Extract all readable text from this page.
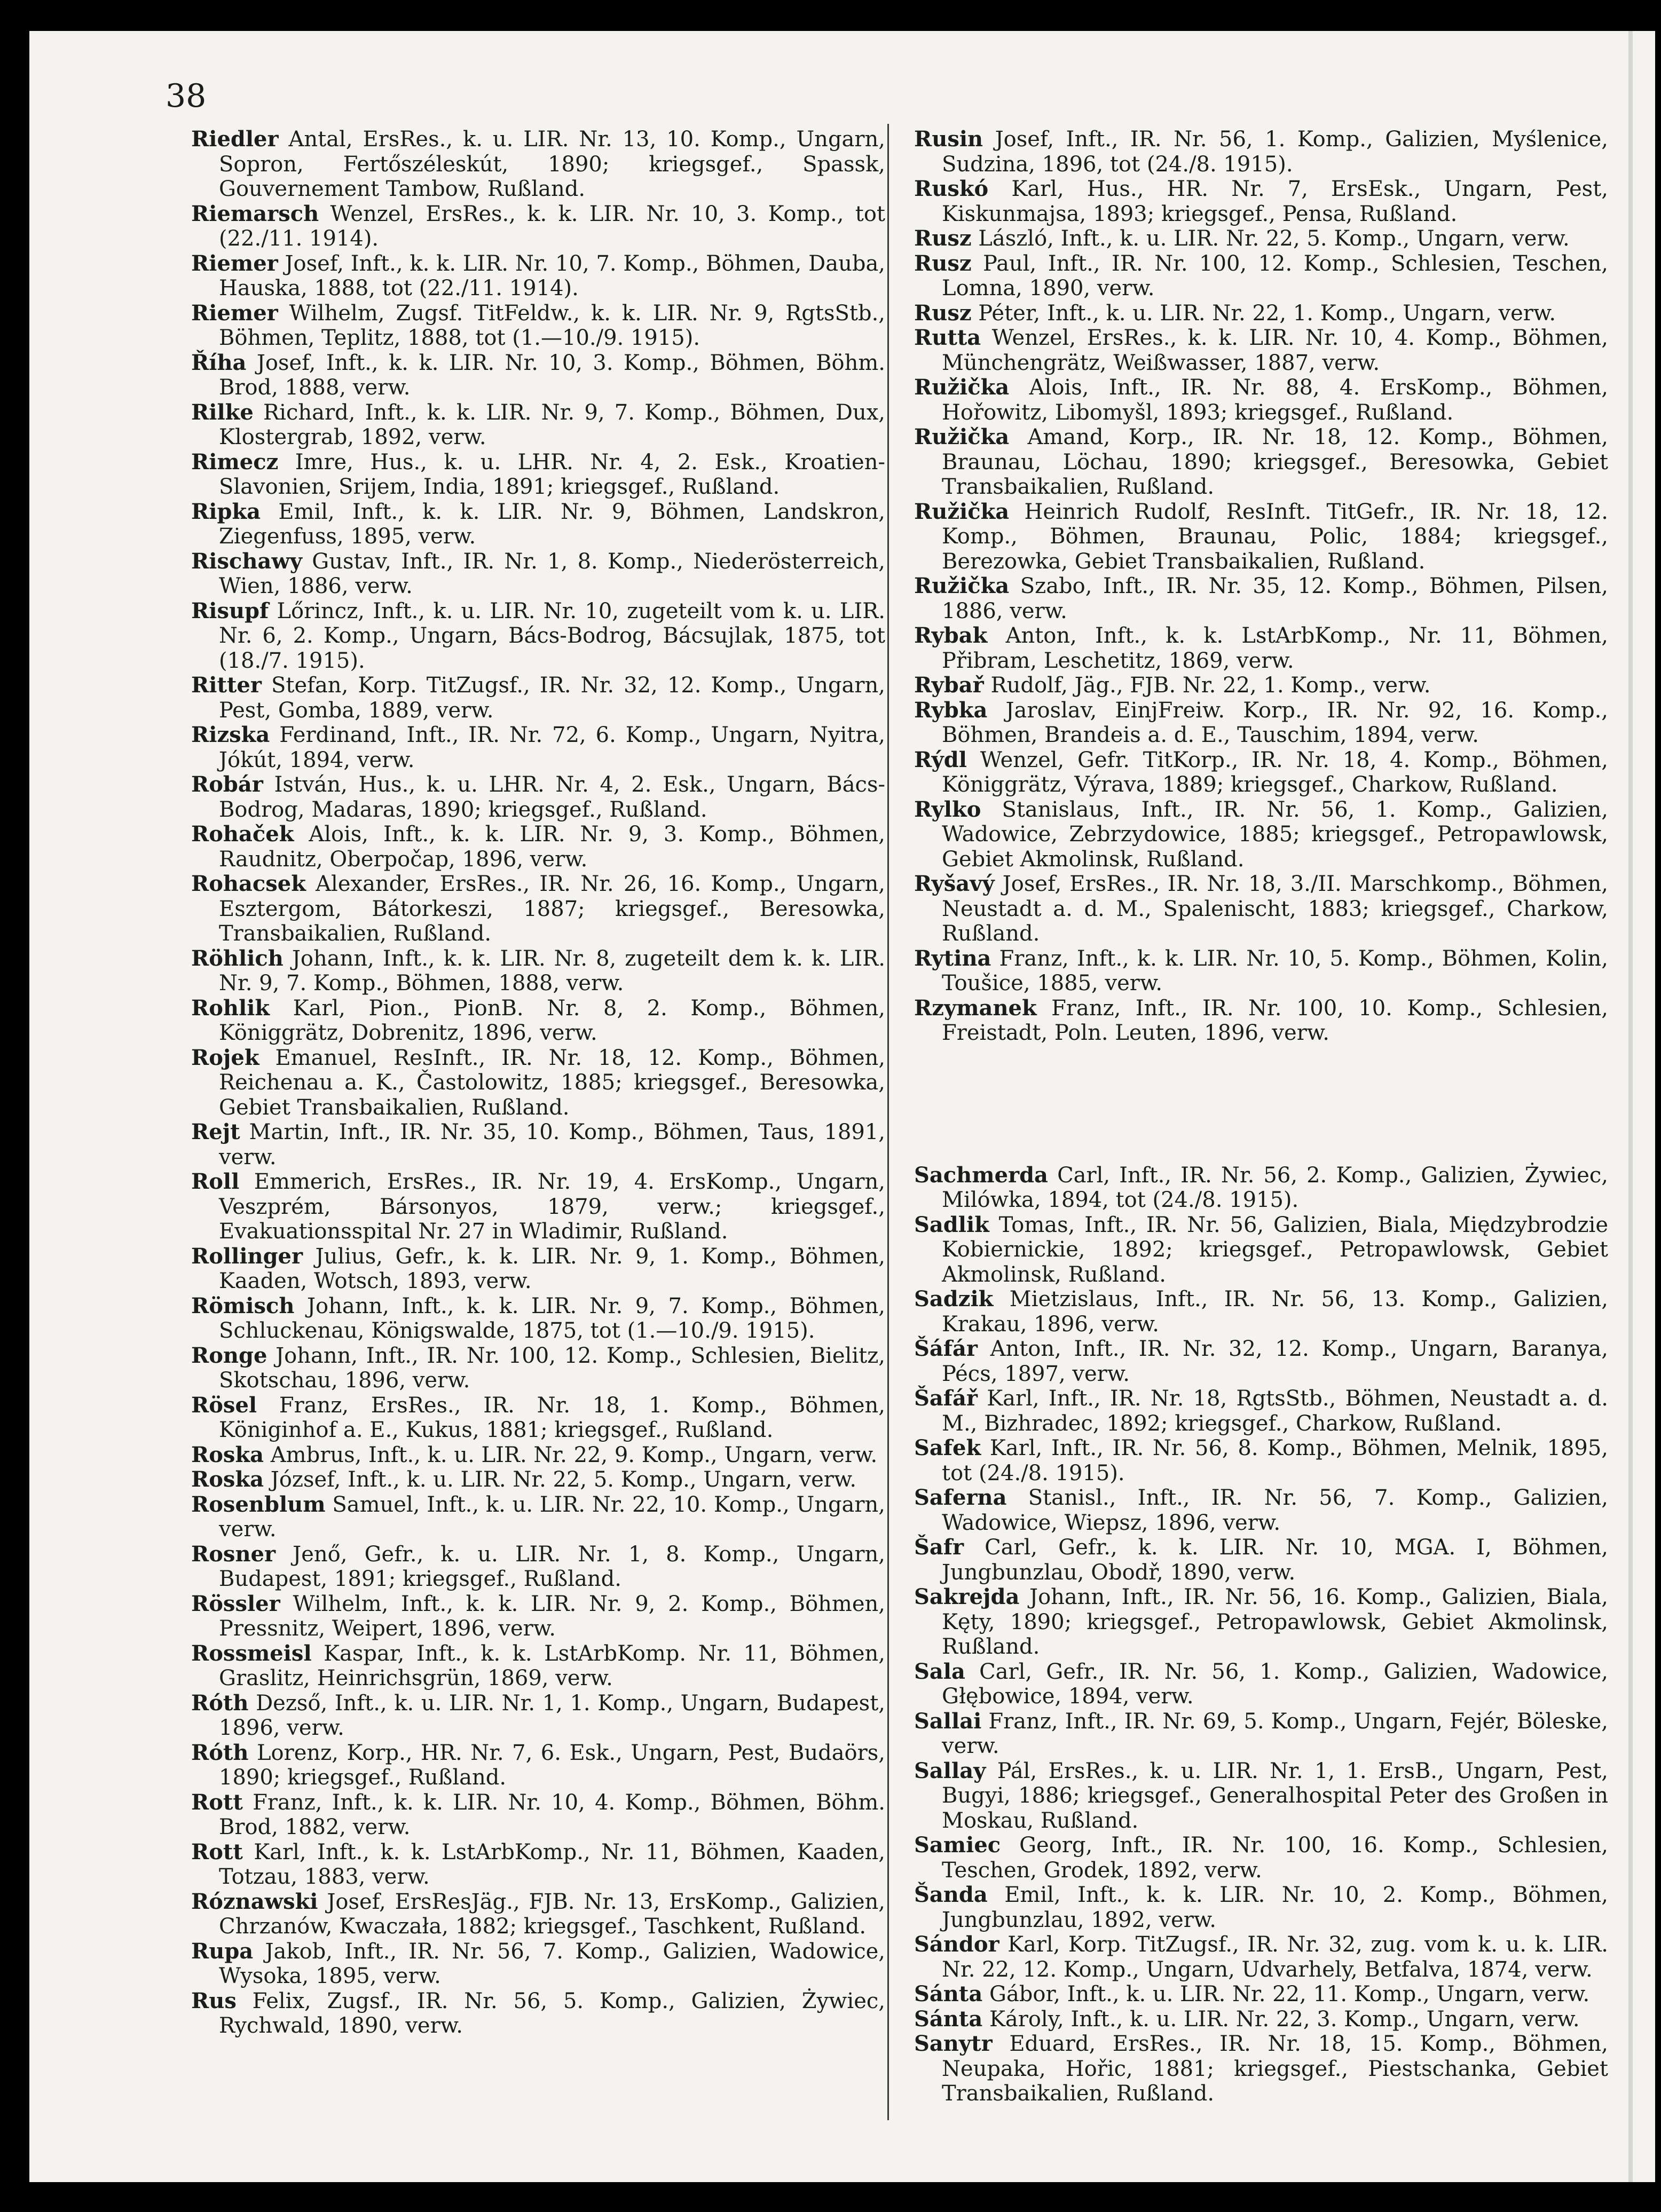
38

Riedler Antal, ErsRes., k. u. LIR. Nr. 13, 10. Komp., Ungarn, Sopron, Fertőszéleskút, 1890; kriegsgef., Spassk, Gouvernement Tambow, Rußland.

Riemarsch Wenzel, ErsRes., k. k. LIR. Nr. 10, 3. Komp., tot (22./11. 1914).

Riemer Josef, Inft., k. k. LIR. Nr. 10, 7. Komp., Böhmen, Dauba, Hauska, 1888, tot (22./11. 1914).

Riemer Wilhelm, Zugsf. TitFeldw., k. k. LIR. Nr. 9, RgtsStb., Böhmen, Teplitz, 1888, tot (1.—10./9. 1915).

Říha Josef, Inft., k. k. LIR. Nr. 10, 3. Komp., Böhmen, Böhm. Brod, 1888, verw.

Rilke Richard, Inft., k. k. LIR. Nr. 9, 7. Komp., Böhmen, Dux, Klostergrab, 1892, verw.

Rimecz Imre, Hus., k. u. LHR. Nr. 4, 2. Esk., Kroatien-Slavonien, Srijem, India, 1891; kriegsgef., Rußland.

Ripka Emil, Inft., k. k. LIR. Nr. 9, Böhmen, Landskron, Ziegenfuss, 1895, verw.

Rischawy Gustav, Inft., IR. Nr. 1, 8. Komp., Niederösterreich, Wien, 1886, verw.

Risupf Lőrincz, Inft., k. u. LIR. Nr. 10, zugeteilt vom k. u. LIR. Nr. 6, 2. Komp., Ungarn, Bács-Bodrog, Bácsujlak, 1875, tot (18./7. 1915).

Ritter Stefan, Korp. TitZugsf., IR. Nr. 32, 12. Komp., Ungarn, Pest, Gomba, 1889, verw.

Rizska Ferdinand, Inft., IR. Nr. 72, 6. Komp., Ungarn, Nyitra, Jókút, 1894, verw.

Robár István, Hus., k. u. LHR. Nr. 4, 2. Esk., Ungarn, Bács-Bodrog, Madaras, 1890; kriegsgef., Rußland.

Rohaček Alois, Inft., k. k. LIR. Nr. 9, 3. Komp., Böhmen, Raudnitz, Oberpočap, 1896, verw.

Rohacsek Alexander, ErsRes., IR. Nr. 26, 16. Komp., Ungarn, Esztergom, Bátorkeszi, 1887; kriegsgef., Beresowka, Transbaikalien, Rußland.

Röhlich Johann, Inft., k. k. LIR. Nr. 8, zugeteilt dem k. k. LIR. Nr. 9, 7. Komp., Böhmen, 1888, verw.

Rohlik Karl, Pion., PionB. Nr. 8, 2. Komp., Böhmen, Königgrätz, Dobrenitz, 1896, verw.

Rojek Emanuel, ResInft., IR. Nr. 18, 12. Komp., Böhmen, Reichenau a. K., Častolowitz, 1885; kriegsgef., Beresowka, Gebiet Transbaikalien, Rußland.

Rejt Martin, Inft., IR. Nr. 35, 10. Komp., Böhmen, Taus, 1891, verw.

Roll Emmerich, ErsRes., IR. Nr. 19, 4. ErsKomp., Ungarn, Veszprém, Bársonyos, 1879, verw.; kriegsgef., Evakuationsspital Nr. 27 in Wladimir, Rußland.

Rollinger Julius, Gefr., k. k. LIR. Nr. 9, 1. Komp., Böhmen, Kaaden, Wotsch, 1893, verw.

Römisch Johann, Inft., k. k. LIR. Nr. 9, 7. Komp., Böhmen, Schluckenau, Königswalde, 1875, tot (1.—10./9. 1915).

Ronge Johann, Inft., IR. Nr. 100, 12. Komp., Schlesien, Bielitz, Skotschau, 1896, verw.

Rösel Franz, ErsRes., IR. Nr. 18, 1. Komp., Böhmen, Königinhof a. E., Kukus, 1881; kriegsgef., Rußland.

Roska Ambrus, Inft., k. u. LIR. Nr. 22, 9. Komp., Ungarn, verw.

Roska József, Inft., k. u. LIR. Nr. 22, 5. Komp., Ungarn, verw.

Rosenblum Samuel, Inft., k. u. LIR. Nr. 22, 10. Komp., Ungarn, verw.

Rosner Jenő, Gefr., k. u. LIR. Nr. 1, 8. Komp., Ungarn, Budapest, 1891; kriegsgef., Rußland.

Rössler Wilhelm, Inft., k. k. LIR. Nr. 9, 2. Komp., Böhmen, Pressnitz, Weipert, 1896, verw.

Rossmeisl Kaspar, Inft., k. k. LstArbKomp. Nr. 11, Böhmen, Graslitz, Heinrichsgrün, 1869, verw.

Róth Dezső, Inft., k. u. LIR. Nr. 1, 1. Komp., Ungarn, Budapest, 1896, verw.

Róth Lorenz, Korp., HR. Nr. 7, 6. Esk., Ungarn, Pest, Budaörs, 1890; kriegsgef., Rußland.

Rott Franz, Inft., k. k. LIR. Nr. 10, 4. Komp., Böhmen, Böhm. Brod, 1882, verw.

Rott Karl, Inft., k. k. LstArbKomp., Nr. 11, Böhmen, Kaaden, Totzau, 1883, verw.

Róznawski Josef, ErsResJäg., FJB. Nr. 13, ErsKomp., Galizien, Chrzanów, Kwaczała, 1882; kriegsgef., Taschkent, Rußland.

Rupa Jakob, Inft., IR. Nr. 56, 7. Komp., Galizien, Wadowice, Wysoka, 1895, verw.

Rus Felix, Zugsf., IR. Nr. 56, 5. Komp., Galizien, Żywiec, Rychwald, 1890, verw.

Rusin Josef, Inft., IR. Nr. 56, 1. Komp., Galizien, Myślenice, Sudzina, 1896, tot (24./8. 1915).

Ruskó Karl, Hus., HR. Nr. 7, ErsEsk., Ungarn, Pest, Kiskunmajsa, 1893; kriegsgef., Pensa, Rußland.

Rusz László, Inft., k. u. LIR. Nr. 22, 5. Komp., Ungarn, verw.

Rusz Paul, Inft., IR. Nr. 100, 12. Komp., Schlesien, Teschen, Lomna, 1890, verw.

Rusz Péter, Inft., k. u. LIR. Nr. 22, 1. Komp., Ungarn, verw.

Rutta Wenzel, ErsRes., k. k. LIR. Nr. 10, 4. Komp., Böhmen, Münchengrätz, Weißwasser, 1887, verw.

Ružička Alois, Inft., IR. Nr. 88, 4. ErsKomp., Böhmen, Hořowitz, Libomyšl, 1893; kriegsgef., Rußland.

Ružička Amand, Korp., IR. Nr. 18, 12. Komp., Böhmen, Braunau, Löchau, 1890; kriegsgef., Beresowka, Gebiet Transbaikalien, Rußland.

Ružička Heinrich Rudolf, ResInft. TitGefr., IR. Nr. 18, 12. Komp., Böhmen, Braunau, Polic, 1884; kriegsgef., Berezowka, Gebiet Transbaikalien, Rußland.

Ružička Szabo, Inft., IR. Nr. 35, 12. Komp., Böhmen, Pilsen, 1886, verw.

Rybak Anton, Inft., k. k. LstArbKomp., Nr. 11, Böhmen, Přibram, Leschetitz, 1869, verw.

Rybař Rudolf, Jäg., FJB. Nr. 22, 1. Komp., verw.

Rybka Jaroslav, EinjFreiw. Korp., IR. Nr. 92, 16. Komp., Böhmen, Brandeis a. d. E., Tauschim, 1894, verw.

Rýdl Wenzel, Gefr. TitKorp., IR. Nr. 18, 4. Komp., Böhmen, Königgrätz, Výrava, 1889; kriegsgef., Charkow, Rußland.

Rylko Stanislaus, Inft., IR. Nr. 56, 1. Komp., Galizien, Wadowice, Zebrzydowice, 1885; kriegsgef., Petropawlowsk, Gebiet Akmolinsk, Rußland.

Ryšavý Josef, ErsRes., IR. Nr. 18, 3./II. Marschkomp., Böhmen, Neustadt a. d. M., Spalenischt, 1883; kriegsgef., Charkow, Rußland.

Rytina Franz, Inft., k. k. LIR. Nr. 10, 5. Komp., Böhmen, Kolin, Toušice, 1885, verw.

Rzymanek Franz, Inft., IR. Nr. 100, 10. Komp., Schlesien, Freistadt, Poln. Leuten, 1896, verw.

Sachmerda Carl, Inft., IR. Nr. 56, 2. Komp., Galizien, Żywiec, Milówka, 1894, tot (24./8. 1915).

Sadlik Tomas, Inft., IR. Nr. 56, Galizien, Biala, Międzybrodzie Kobiernickie, 1892; kriegsgef., Petropawlowsk, Gebiet Akmolinsk, Rußland.

Sadzik Mietzislaus, Inft., IR. Nr. 56, 13. Komp., Galizien, Krakau, 1896, verw.

Šáfár Anton, Inft., IR. Nr. 32, 12. Komp., Ungarn, Baranya, Pécs, 1897, verw.

Šafář Karl, Inft., IR. Nr. 18, RgtsStb., Böhmen, Neustadt a. d. M., Bizhradec, 1892; kriegsgef., Charkow, Rußland.

Safek Karl, Inft., IR. Nr. 56, 8. Komp., Böhmen, Melnik, 1895, tot (24./8. 1915).

Saferna Stanisl., Inft., IR. Nr. 56, 7. Komp., Galizien, Wadowice, Wiepsz, 1896, verw.

Šafr Carl, Gefr., k. k. LIR. Nr. 10, MGA. I, Böhmen, Jungbunzlau, Obodř, 1890, verw.

Sakrejda Johann, Inft., IR. Nr. 56, 16. Komp., Galizien, Biala, Kęty, 1890; kriegsgef., Petropawlowsk, Gebiet Akmolinsk, Rußland.

Sala Carl, Gefr., IR. Nr. 56, 1. Komp., Galizien, Wadowice, Głębowice, 1894, verw.

Sallai Franz, Inft., IR. Nr. 69, 5. Komp., Ungarn, Fejér, Böleske, verw.

Sallay Pál, ErsRes., k. u. LIR. Nr. 1, 1. ErsB., Ungarn, Pest, Bugyi, 1886; kriegsgef., Generalhospital Peter des Großen in Moskau, Rußland.

Samiec Georg, Inft., IR. Nr. 100, 16. Komp., Schlesien, Teschen, Grodek, 1892, verw.

Šanda Emil, Inft., k. k. LIR. Nr. 10, 2. Komp., Böhmen, Jungbunzlau, 1892, verw.

Sándor Karl, Korp. TitZugsf., IR. Nr. 32, zug. vom k. u. k. LIR. Nr. 22, 12. Komp., Ungarn, Udvarhely, Betfalva, 1874, verw.

Sánta Gábor, Inft., k. u. LIR. Nr. 22, 11. Komp., Ungarn, verw.

Sánta Károly, Inft., k. u. LIR. Nr. 22, 3. Komp., Ungarn, verw.

Sanytr Eduard, ErsRes., IR. Nr. 18, 15. Komp., Böhmen, Neupaka, Hořic, 1881; kriegsgef., Piestschanka, Gebiet Transbaikalien, Rußland.
